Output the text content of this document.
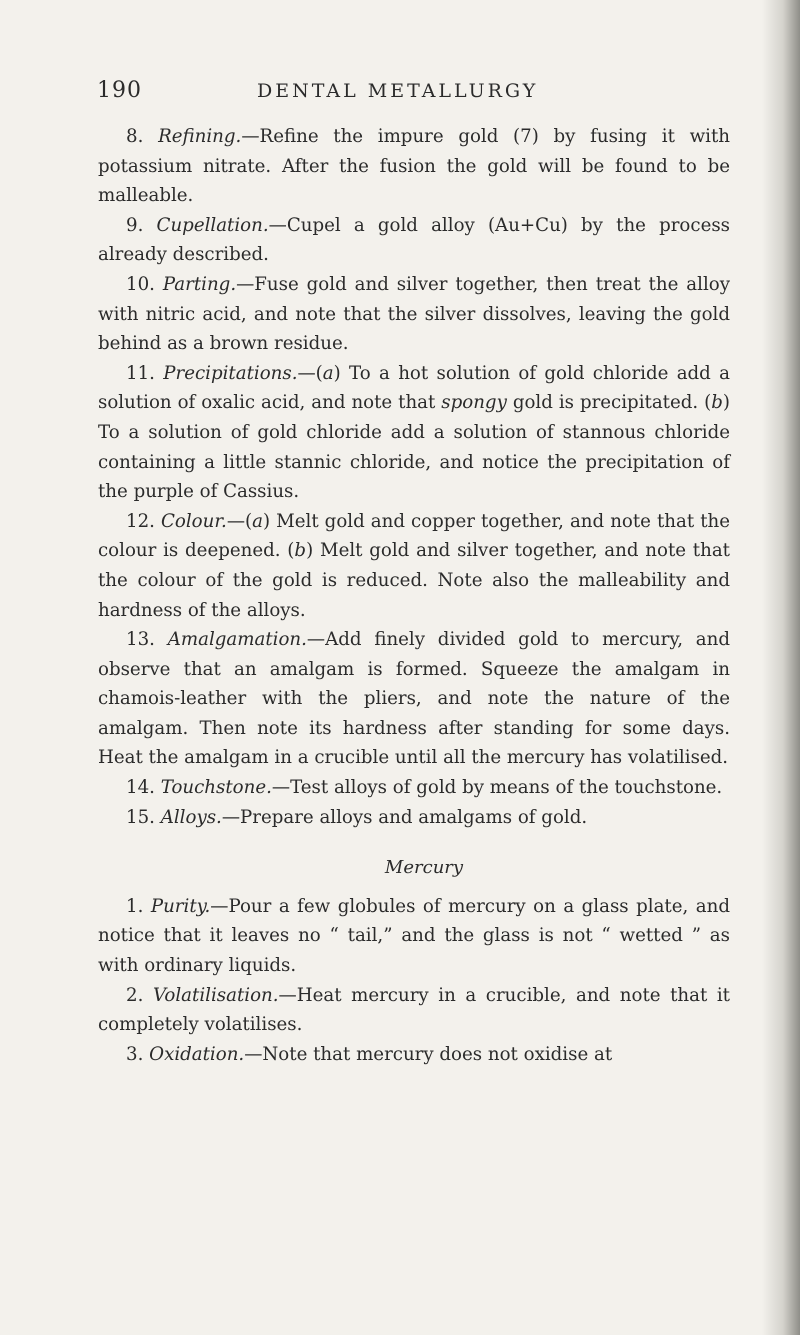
190	DENTAL METALLURGY

8. Refining.—Refine the impure gold (7) by fusing it with potassium nitrate. After the fusion the gold will be found to be malleable.

9. Cupellation.—Cupel a gold alloy (Au+Cu) by the process already described.

10. Parting.—Fuse gold and silver together, then treat the alloy with nitric acid, and note that the silver dissolves, leaving the gold behind as a brown residue.

11. Precipitations.—(a) To a hot solution of gold chloride add a solution of oxalic acid, and note that spongy gold is precipitated. (b) To a solution of gold chloride add a solution of stannous chloride containing a little stannic chloride, and notice the precipitation of the purple of Cassius.

12. Colour.—(a) Melt gold and copper together, and note that the colour is deepened. (b) Melt gold and silver together, and note that the colour of the gold is reduced. Note also the malleability and hardness of the alloys.

13. Amalgamation.—Add finely divided gold to mercury, and observe that an amalgam is formed. Squeeze the amalgam in chamois-leather with the pliers, and note the nature of the amalgam. Then note its hardness after standing for some days. Heat the amalgam in a crucible until all the mercury has volatilised.

14. Touchstone.—Test alloys of gold by means of the touchstone.

15. Alloys.—Prepare alloys and amalgams of gold.

Mercury

1. Purity.—Pour a few globules of mercury on a glass plate, and notice that it leaves no “ tail,” and the glass is not “ wetted ” as with ordinary liquids.

2. Volatilisation.—Heat mercury in a crucible, and note that it completely volatilises.

3. Oxidation.—Note that mercury does not oxidise at
